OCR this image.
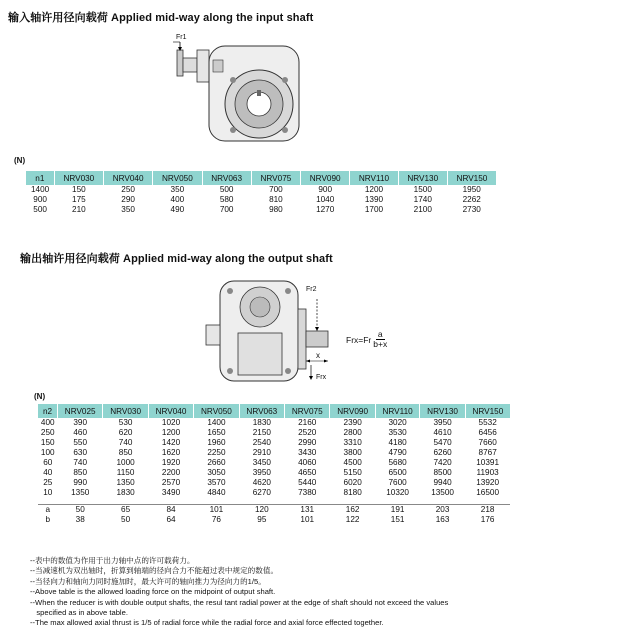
输入轴许用径向载荷 Applied mid-way along the input shaft
Fr1
(N)
n1	NRV030	NRV040	NRV050	NRV063	NRV075	NRV090	NRV110	NRV130	NRV150
1400	150	250	350	500	700	900	1200	1500	1950
900	175	290	400	580	810	1040	1390	1740	2262
500	210	350	490	700	980	1270	1700	2100	2730
输出轴许用径向载荷 Applied mid-way along the output shaft
Fr2
x
Frx
$Frx=Fr \frac{a}{b+x}$
(N)
n2	NRV025	NRV030	NRV040	NRV050	NRV063	NRV075	NRV090	NRV110	NRV130	NRV150
400	390	530	1020	1400	1830	2160	2390	3020	3950	5532
250	460	620	1200	1650	2150	2520	2800	3530	4610	6456
150	550	740	1420	1960	2540	2990	3310	4180	5470	7660
100	630	850	1620	2250	2910	3430	3800	4790	6260	8767
60	740	1000	1920	2660	3450	4060	4500	5680	7420	10391
40	850	1150	2200	3050	3950	4650	5150	6500	8500	11903
25	990	1350	2570	3570	4620	5440	6020	7600	9940	13920
10	1350	1830	3490	4840	6270	7380	8180	10320	13500	16500

a	50	65	84	101	120	131	162	191	203	218
b	38	50	64	76	95	101	122	151	163	176
--表中的数值为作用于出力轴中点的许可载荷力。
--当减速机为双出轴时，折算到轴端的径向合力不能超过表中规定的数值。
--当径向力和轴向力同时施加时，最大许可的轴向推力为径向力的1/5。
--Above table is the allowed loading force on the midpoint of output shaft.
--When the reducer is with double output shafts, the resul tant radial power at the edge of shaft should not exceed the values
specified as in above table.
--The max allowed axial thrust is 1/5 of radial force while the radial force and axial force effected together.
